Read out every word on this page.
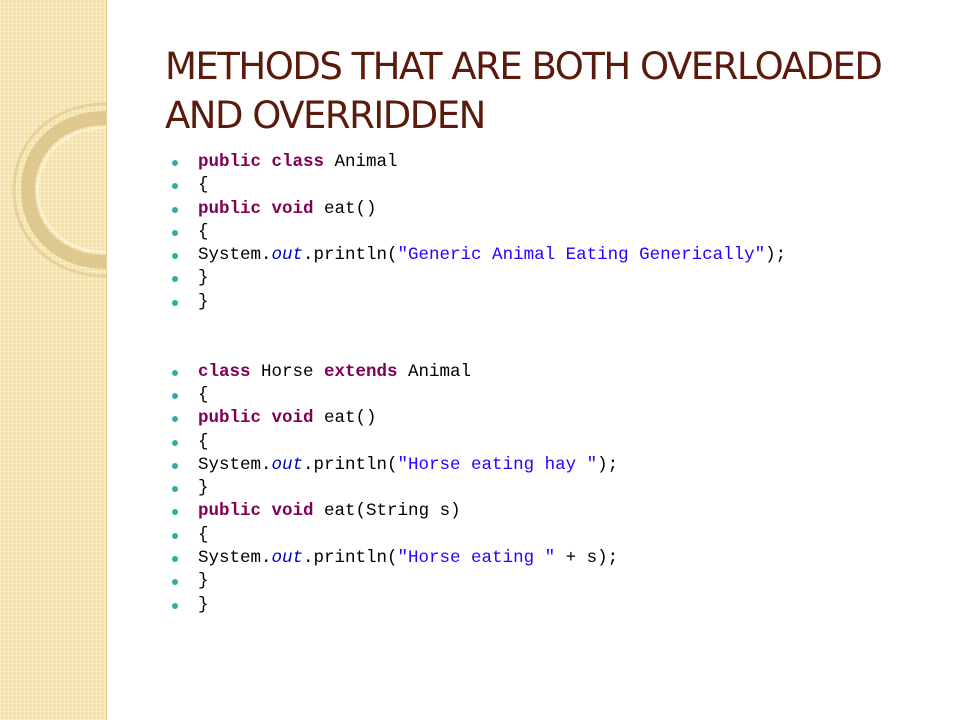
METHODS THAT ARE BOTH OVERLOADED AND OVERRIDDEN
public class Animal
{
public void eat()
{
System.out.println("Generic Animal Eating Generically");
}
}
class Horse extends Animal
{
public void eat()
{
System.out.println("Horse eating hay ");
}
public void eat(String s)
{
System.out.println("Horse eating " + s);
}
}
